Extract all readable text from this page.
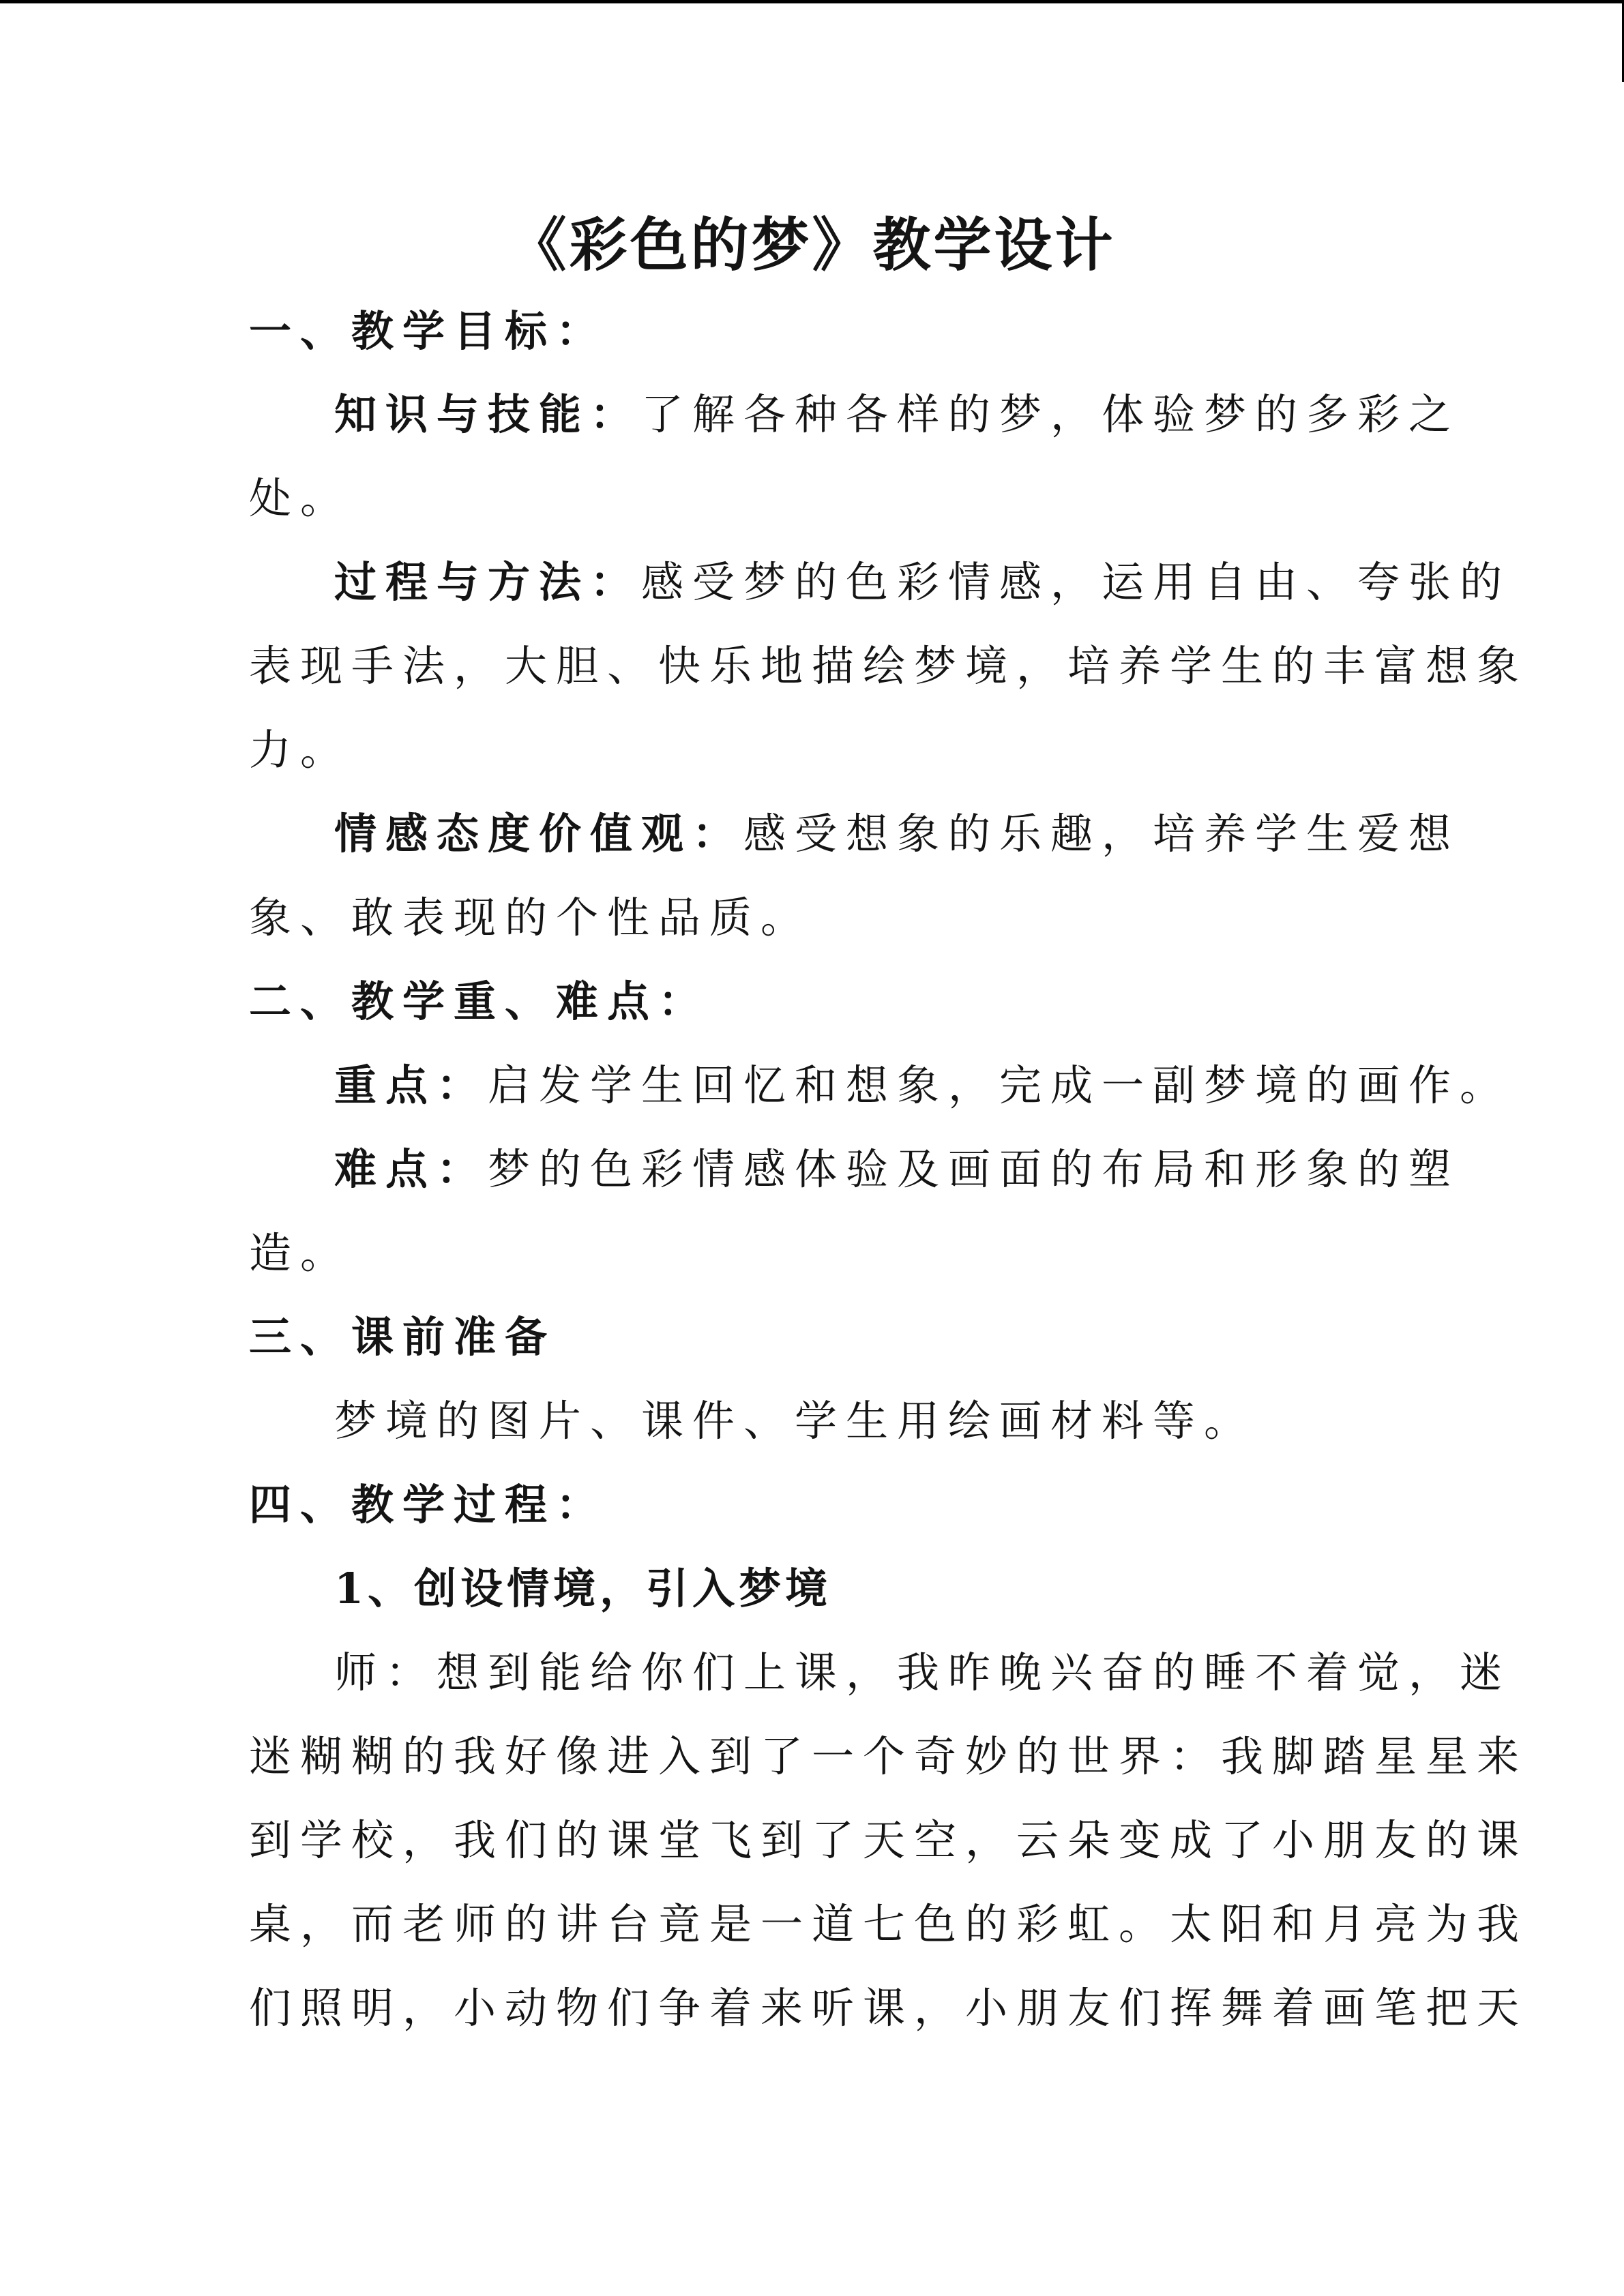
《彩色的梦》教学设计

一、教学目标：

知识与技能：了解各种各样的梦，体验梦的多彩之

处。

过程与方法：感受梦的色彩情感，运用自由、夸张的

表现手法，大胆、快乐地描绘梦境，培养学生的丰富想象

力。

情感态度价值观：感受想象的乐趣，培养学生爱想

象、敢表现的个性品质。

二、教学重、难点：

重点：启发学生回忆和想象，完成一副梦境的画作。

难点：梦的色彩情感体验及画面的布局和形象的塑

造。

三、课前准备

梦境的图片、课件、学生用绘画材料等。

四、教学过程：

1、创设情境，引入梦境

师：想到能给你们上课，我昨晚兴奋的睡不着觉，迷

迷糊糊的我好像进入到了一个奇妙的世界：我脚踏星星来

到学校，我们的课堂飞到了天空，云朵变成了小朋友的课

桌，而老师的讲台竟是一道七色的彩虹。太阳和月亮为我

们照明，小动物们争着来听课，小朋友们挥舞着画笔把天
